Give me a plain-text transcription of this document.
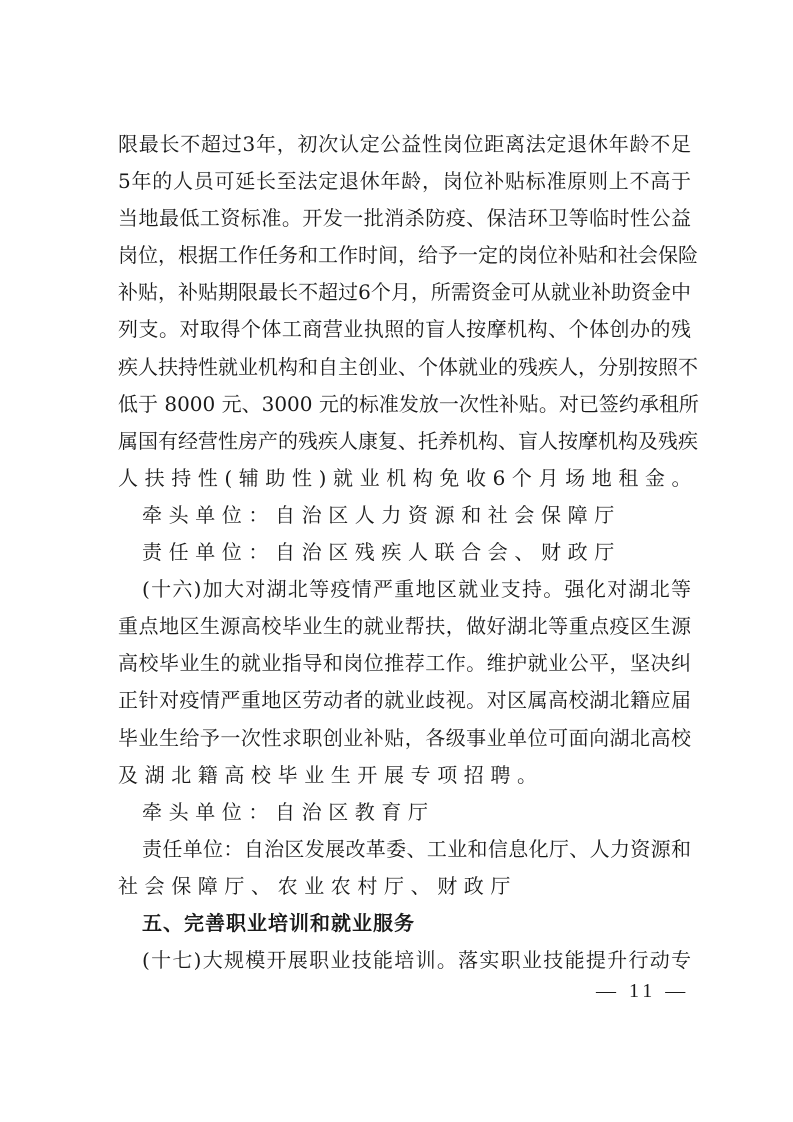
限最长不超过3年，初次认定公益性岗位距离法定退休年龄不足
5年的人员可延长至法定退休年龄，岗位补贴标准原则上不高于
当地最低工资标准。开发一批消杀防疫、保洁环卫等临时性公益
岗位，根据工作任务和工作时间，给予一定的岗位补贴和社会保险
补贴，补贴期限最长不超过6个月，所需资金可从就业补助资金中
列支。对取得个体工商营业执照的盲人按摩机构、个体创办的残
疾人扶持性就业机构和自主创业、个体就业的残疾人，分别按照不
低于 8000 元、3000 元的标准发放一次性补贴。对已签约承租所
属国有经营性房产的残疾人康复、托养机构、盲人按摩机构及残疾
人扶持性(辅助性)就业机构免收6个月场地租金。
牵头单位：自治区人力资源和社会保障厅
责任单位：自治区残疾人联合会、财政厅
(十六)加大对湖北等疫情严重地区就业支持。强化对湖北等
重点地区生源高校毕业生的就业帮扶，做好湖北等重点疫区生源
高校毕业生的就业指导和岗位推荐工作。维护就业公平，坚决纠
正针对疫情严重地区劳动者的就业歧视。对区属高校湖北籍应届
毕业生给予一次性求职创业补贴，各级事业单位可面向湖北高校
及湖北籍高校毕业生开展专项招聘。
牵头单位：自治区教育厅
责任单位：自治区发展改革委、工业和信息化厅、人力资源和
社会保障厅、农业农村厅、财政厅
五、完善职业培训和就业服务
(十七)大规模开展职业技能培训。落实职业技能提升行动专
— 11 —
